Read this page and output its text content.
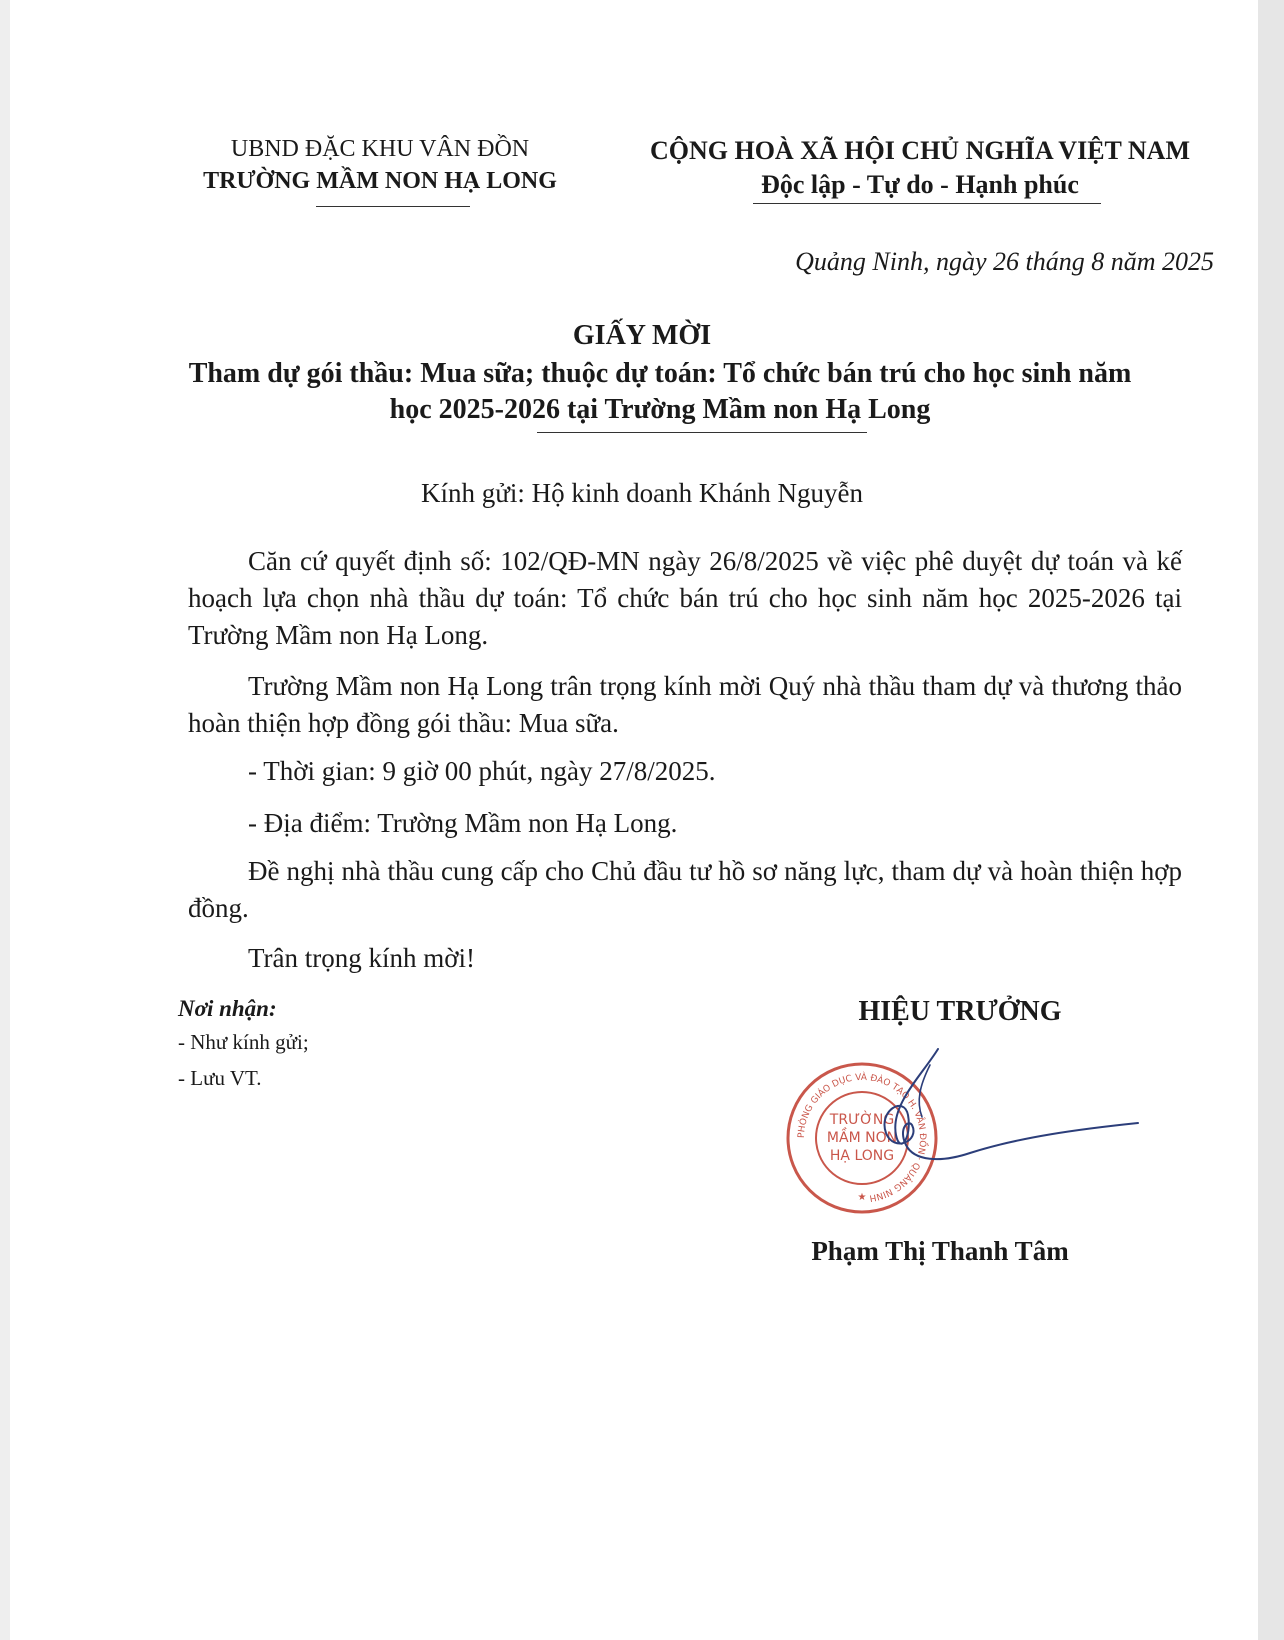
UBND ĐẶC KHU VÂN ĐỒN
TRƯỜNG MẦM NON HẠ LONG
CỘNG HOÀ XÃ HỘI CHỦ NGHĨA VIỆT NAM
Độc lập - Tự do - Hạnh phúc
Quảng Ninh, ngày 26 tháng 8 năm 2025
GIẤY MỜI
Tham dự gói thầu: Mua sữa; thuộc dự toán: Tổ chức bán trú cho học sinh năm học 2025-2026 tại Trường Mầm non Hạ Long
Kính gửi: Hộ kinh doanh Khánh Nguyễn
Căn cứ quyết định số: 102/QĐ-MN ngày 26/8/2025 về việc phê duyệt dự toán và kế hoạch lựa chọn nhà thầu dự toán: Tổ chức bán trú cho học sinh năm học 2025-2026 tại Trường Mầm non Hạ Long.
Trường Mầm non Hạ Long trân trọng kính mời Quý nhà thầu tham dự và thương thảo hoàn thiện hợp đồng gói thầu: Mua sữa.
- Thời gian: 9 giờ 00 phút, ngày 27/8/2025.
- Địa điểm: Trường Mầm non Hạ Long.
Đề nghị nhà thầu cung cấp cho Chủ đầu tư hồ sơ năng lực, tham dự và hoàn thiện hợp đồng.
Trân trọng kính mời!
Nơi nhận:
- Như kính gửi;
- Lưu VT.
HIỆU TRƯỞNG
PHÒNG GIÁO DỤC VÀ ĐÀO TẠO H. VÂN ĐỒN · QUẢNG NINH
TRƯỜNG
MẦM NON
HẠ LONG
★
Phạm Thị Thanh Tâm
